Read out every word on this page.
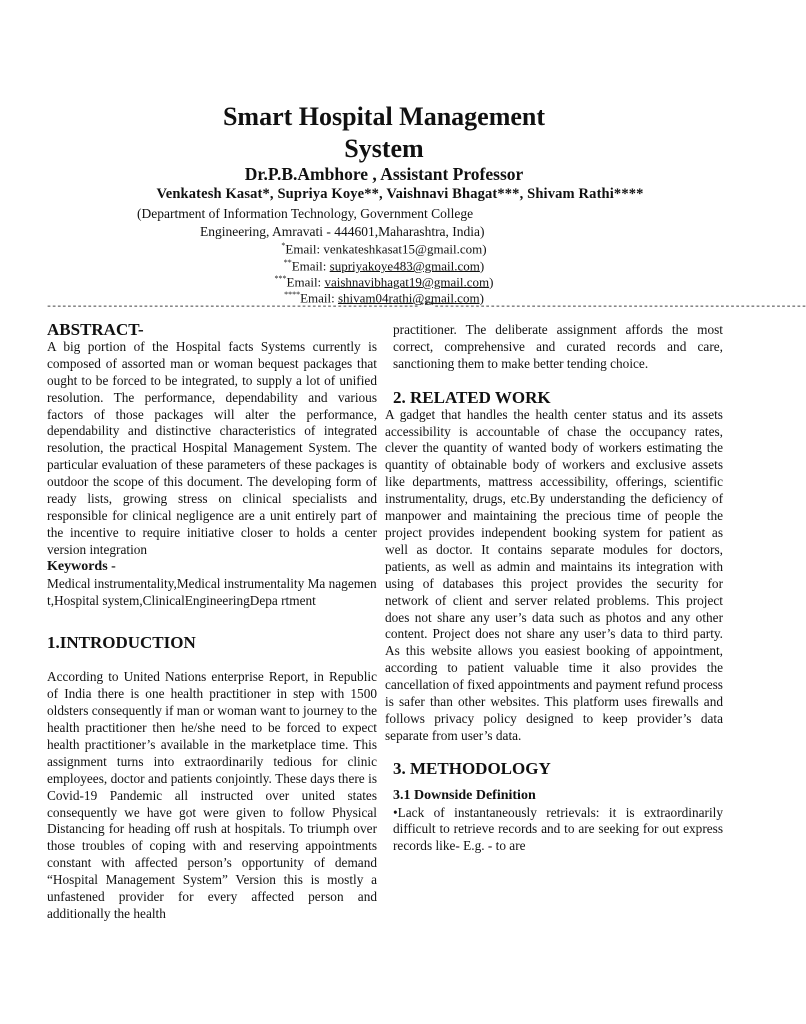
Smart Hospital Management
System
Dr.P.B.Ambhore , Assistant Professor
Venkatesh Kasat*, Supriya Koye**, Vaishnavi Bhagat***, Shivam Rathi****
(Department of Information Technology, Government College
Engineering, Amravati - 444601,Maharashtra, India)
*Email: venkateshkasat15@gmail.com)
**Email: supriyakoye483@gmail.com)
***Email: vaishnavibhagat19@gmail.com)
****Email: shivam04rathi@gmail.com)
-------------------------------------------------------------------------***-------------------------------------------------------------------------
ABSTRACT-

A big portion of the Hospital facts Systems currently is composed of assorted man or woman bequest packages that ought to be forced to be integrated, to supply a lot of unified resolution. The performance, dependability and various factors of those packages will alter the performance, dependability and distinctive characteristics of integrated resolution, the practical Hospital Management System. The particular evaluation of these parameters of these packages is outdoor the scope of this document. The developing form of ready lists, growing stress on clinical specialists and responsible for clinical negligence are a unit entirely part of the incentive to require initiative closer to holds a center version integration

Keywords -

Medical instrumentality,Medical instrumentality Ma nagement,Hospital system,ClinicalEngineeringDepa rtment

1.INTRODUCTION

According to United Nations enterprise Report, in Republic of India there is one health practitioner in step with 1500 oldsters consequently if man or woman want to journey to the health practitioner then he/she need to be forced to expect health practitioner’s available in the marketplace time. This assignment turns into extraordinarily tedious for clinic employees, doctor and patients conjointly. These days there is Covid-19 Pandemic all instructed over united states consequently we have got were given to follow Physical Distancing for heading off rush at hospitals. To triumph over those troubles of coping with and reserving appointments constant with affected person’s opportunity of demand “Hospital Management System” Version this is mostly a unfastened provider for every affected person and additionally the health

practitioner. The deliberate assignment affords the most correct, comprehensive and curated records and care, sanctioning them to make better tending choice.

2. RELATED WORK

A gadget that handles the health center status and its assets accessibility is accountable of chase the occupancy rates, clever the quantity of wanted body of workers estimating the quantity of obtainable body of workers and exclusive assets like departments, mattress accessibility, offerings, scientific instrumentality, drugs, etc.By understanding the deficiency of manpower and maintaining the precious time of people the project provides independent booking system for patient as well as doctor. It contains separate modules for doctors, patients, as well as admin and maintains its integration with using of databases this project provides the security for network of client and server related problems. This project does not share any user’s data such as photos and any other content. Project does not share any user’s data to third party. As this website allows you easiest booking of appointment, according to patient valuable time it also provides the cancellation of fixed appointments and payment refund process is safer than other websites. This platform uses firewalls and follows privacy policy designed to keep provider’s data separate from user’s data.

3. METHODOLOGY
3.1 Downside Definition

•Lack of instantaneously retrievals: it is extraordinarily difficult to retrieve records and to are seeking for out express records like- E.g. - to are
